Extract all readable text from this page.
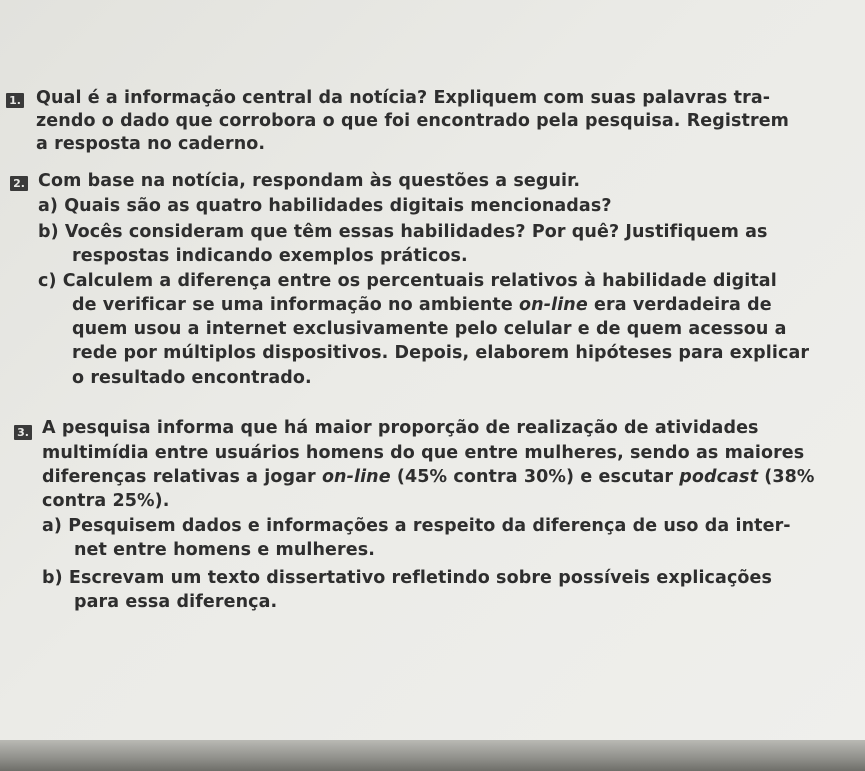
1. Qual é a informação central da notícia? Expliquem com suas palavras tra-
zendo o dado que corrobora o que foi encontrado pela pesquisa. Registrem
a resposta no caderno.
2. Com base na notícia, respondam às questões a seguir.
a) Quais são as quatro habilidades digitais mencionadas?
b) Vocês consideram que têm essas habilidades? Por quê? Justifiquem as
respostas indicando exemplos práticos.
c) Calculem a diferença entre os percentuais relativos à habilidade digital
de verificar se uma informação no ambiente on-line era verdadeira de
quem usou a internet exclusivamente pelo celular e de quem acessou a
rede por múltiplos dispositivos. Depois, elaborem hipóteses para explicar
o resultado encontrado.
3. A pesquisa informa que há maior proporção de realização de atividades
multimídia entre usuários homens do que entre mulheres, sendo as maiores
diferenças relativas a jogar on-line (45% contra 30%) e escutar podcast (38%
contra 25%).
a) Pesquisem dados e informações a respeito da diferença de uso da inter-
net entre homens e mulheres.
b) Escrevam um texto dissertativo refletindo sobre possíveis explicações
para essa diferença.
